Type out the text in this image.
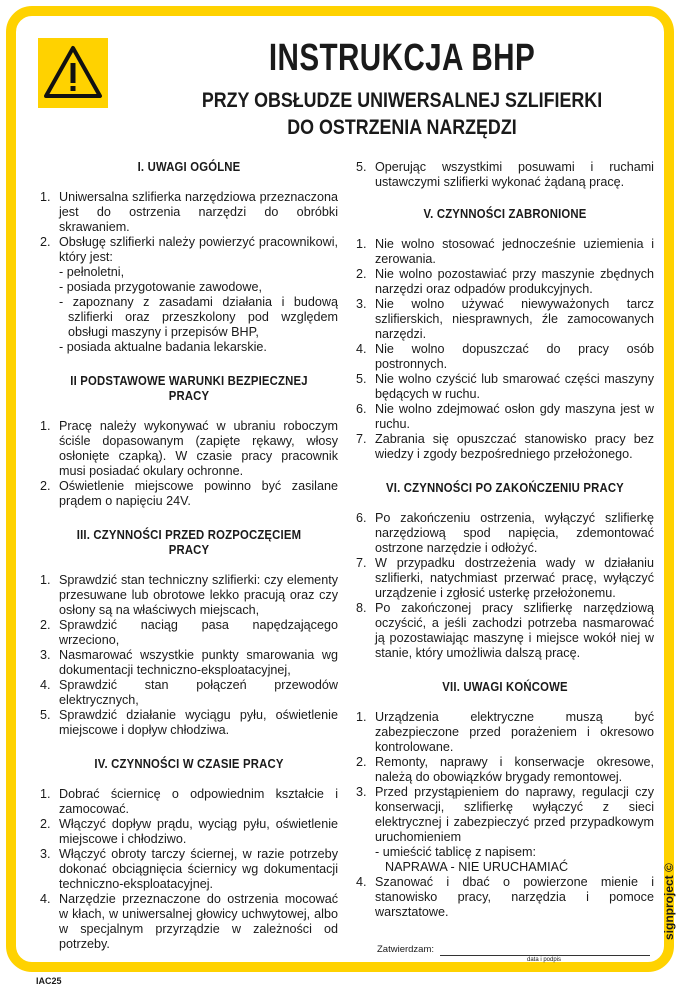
INSTRUKCJA BHP
PRZY OBSŁUDZE UNIWERSALNEJ SZLIFIERKI
DO OSTRZENIA NARZĘDZI
I. UWAGI OGÓLNE
1. Uniwersalna szlifierka narzędziowa przeznaczona jest do ostrzenia narzędzi do obróbki skrawaniem.
2. Obsługę szlifierki należy powierzyć pracownikowi, który jest:
- pełnoletni,
- posiada przygotowanie zawodowe,
- zapoznany z zasadami działania i budową szlifierki oraz przeszkolony pod względem obsługi maszyny i przepisów BHP,
- posiada aktualne badania lekarskie.
II PODSTAWOWE WARUNKI BEZPIECZNEJ PRACY
1. Pracę należy wykonywać w ubraniu roboczym ściśle dopasowanym (zapięte rękawy, włosy osłonięte czapką). W czasie pracy pracownik musi posiadać okulary ochronne.
2. Oświetlenie miejscowe powinno być zasilane prądem o napięciu 24V.
III. CZYNNOŚCI PRZED ROZPOCZĘCIEM PRACY
1. Sprawdzić stan techniczny szlifierki: czy elementy przesuwane lub obrotowe lekko pracują oraz czy osłony są na właściwych miejscach,
2. Sprawdzić naciąg pasa napędzającego wrzeciono,
3. Nasmarować wszystkie punkty smarowania wg dokumentacji techniczno-eksploatacyjnej,
4. Sprawdzić stan połączeń przewodów elektrycznych,
5. Sprawdzić działanie wyciągu pyłu, oświetlenie miejscowe i dopływ chłodziwa.
IV. CZYNNOŚCI W CZASIE PRACY
1. Dobrać ściernicę o odpowiednim kształcie i zamocować.
2. Włączyć dopływ prądu, wyciąg pyłu, oświetlenie miejscowe i chłodziwo.
3. Włączyć obroty tarczy ściernej, w razie potrzeby dokonać obciągnięcia ściernicy wg dokumentacji techniczno-eksploatacyjnej.
4. Narzędzie przeznaczone do ostrzenia mocować w kłach, w uniwersalnej głowicy uchwytowej, albo w specjalnym przyrządzie w zależności od potrzeby.
5. Operując wszystkimi posuwami i ruchami ustawczymi szlifierki wykonać żądaną pracę.
V. CZYNNOŚCI ZABRONIONE
1. Nie wolno stosować jednocześnie uziemienia i zerowania.
2. Nie wolno pozostawiać przy maszynie zbędnych narzędzi oraz odpadów produkcyjnych.
3. Nie wolno używać niewyważonych tarcz szlifierskich, niesprawnych, źle zamocowanych narzędzi.
4. Nie wolno dopuszczać do pracy osób postronnych.
5. Nie wolno czyścić lub smarować części maszyny będących w ruchu.
6. Nie wolno zdejmować osłon gdy maszyna jest w ruchu.
7. Zabrania się opuszczać stanowisko pracy bez wiedzy i zgody bezpośredniego przełożonego.
VI. CZYNNOŚCI PO ZAKOŃCZENIU PRACY
6. Po zakończeniu ostrzenia, wyłączyć szlifierkę narzędziową spod napięcia, zdemontować ostrzone narzędzie i odłożyć.
7. W przypadku dostrzeżenia wady w działaniu szlifierki, natychmiast przerwać pracę, wyłączyć urządzenie i zgłosić usterkę przełożonemu.
8. Po zakończonej pracy szlifierkę narzędziową oczyścić, a jeśli zachodzi potrzeba nasmarować ją pozostawiając maszynę i miejsce wokół niej w stanie, który umożliwia dalszą pracę.
VII. UWAGI KOŃCOWE
1. Urządzenia elektryczne muszą być zabezpieczone przed porażeniem i okresowo kontrolowane.
2. Remonty, naprawy i konserwacje okresowe, należą do obowiązków brygady remontowej.
3. Przed przystąpieniem do naprawy, regulacji czy konserwacji, szlifierkę wyłączyć z sieci elektrycznej i zabezpieczyć przed przypadkowym uruchomieniem
- umieścić tablicę z napisem:
NAPRAWA - NIE URUCHAMIAĆ
4. Szanować i dbać o powierzone mienie i stanowisko pracy, narzędzia i pomoce warsztatowe.
Zatwierdzam:
data i podpis
signproject ©
IAC25
